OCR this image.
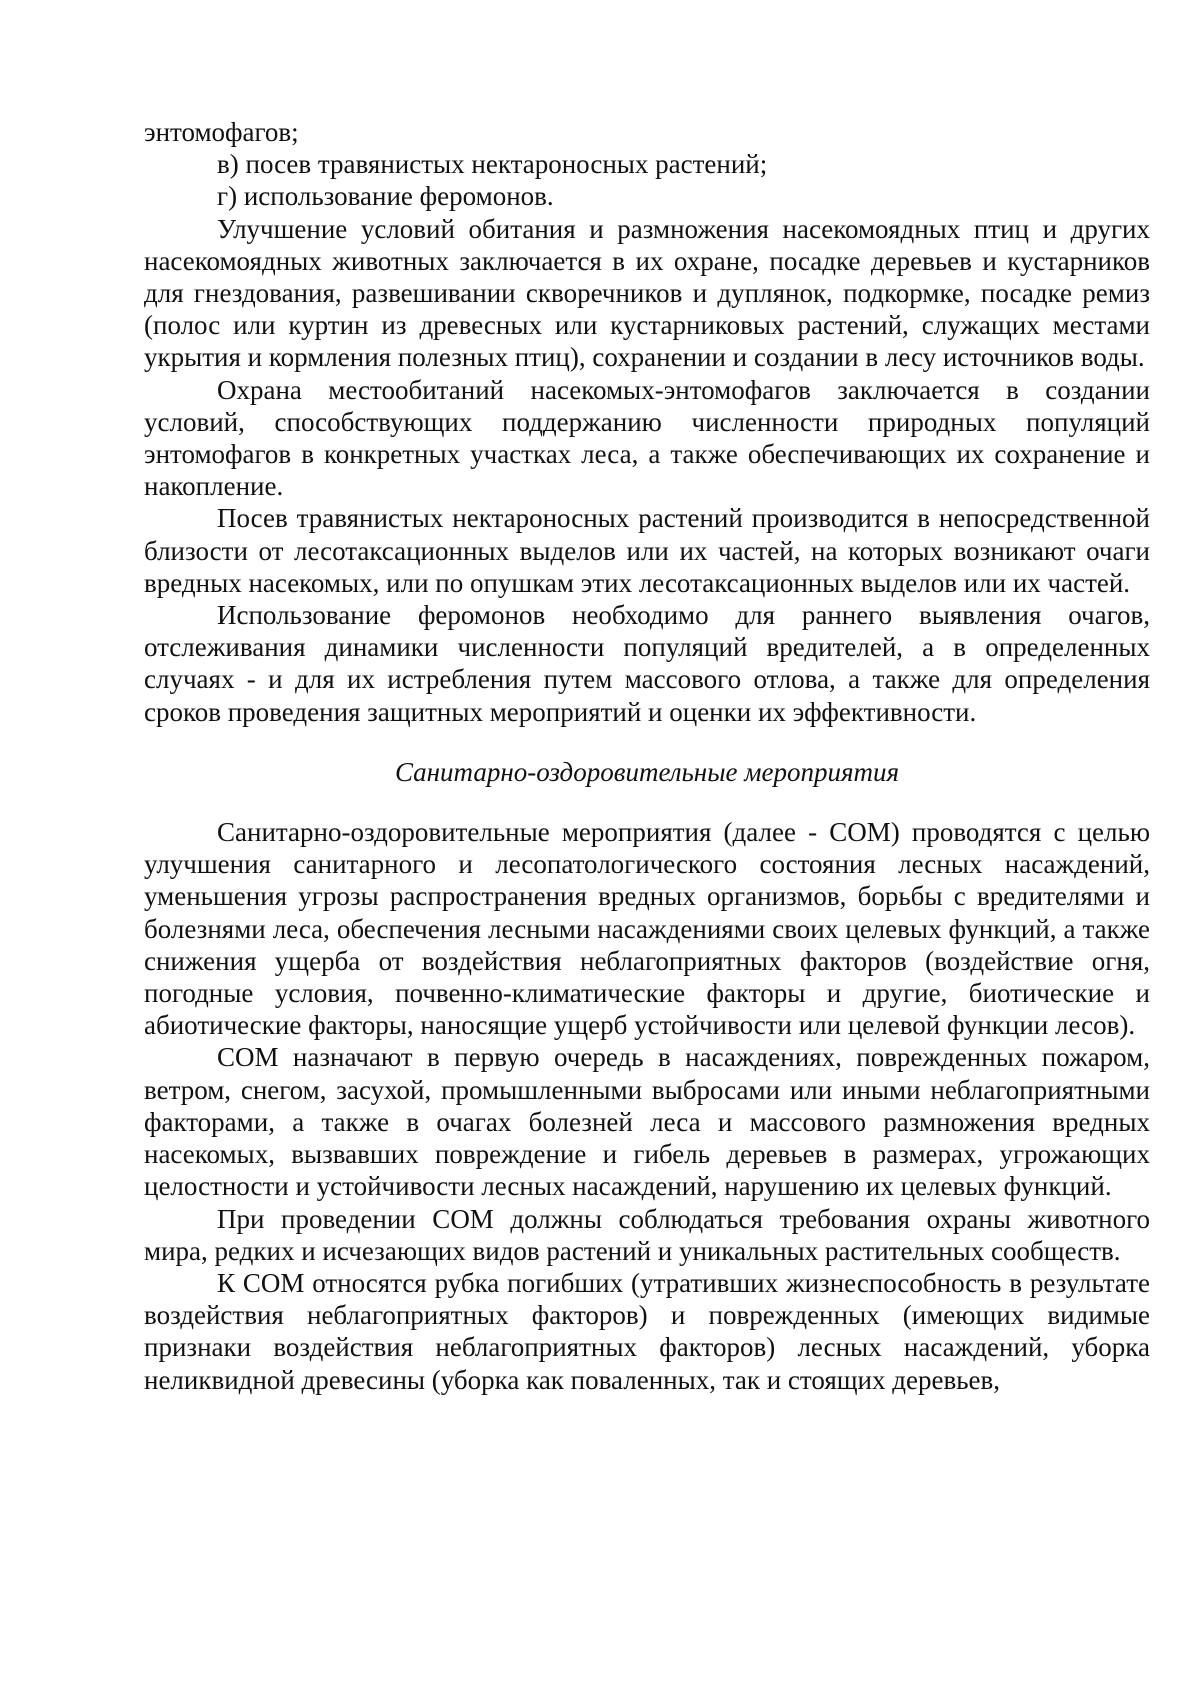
энтомофагов;

в) посев травянистых нектароносных растений;

г) использование феромонов.

Улучшение условий обитания и размножения насекомоядных птиц и других насекомоядных животных заключается в их охране, посадке деревьев и кустарников для гнездования, развешивании скворечников и дуплянок, подкормке, посадке ремиз (полос или куртин из древесных или кустарниковых растений, служащих местами укрытия и кормления полезных птиц), сохранении и создании в лесу источников воды.

Охрана местообитаний насекомых-энтомофагов заключается в создании условий, способствующих поддержанию численности природных популяций энтомофагов в конкретных участках леса, а также обеспечивающих их сохранение и накопление.

Посев травянистых нектароносных растений производится в непосредственной близости от лесотаксационных выделов или их частей, на которых возникают очаги вредных насекомых, или по опушкам этих лесотаксационных выделов или их частей.

Использование феромонов необходимо для раннего выявления очагов, отслеживания динамики численности популяций вредителей, а в определенных случаях - и для их истребления путем массового отлова, а также для определения сроков проведения защитных мероприятий и оценки их эффективности.

Санитарно-оздоровительные мероприятия

Санитарно-оздоровительные мероприятия (далее - СОМ) проводятся с целью улучшения санитарного и лесопатологического состояния лесных насаждений, уменьшения угрозы распространения вредных организмов, борьбы с вредителями и болезнями леса, обеспечения лесными насаждениями своих целевых функций, а также снижения ущерба от воздействия неблагоприятных факторов (воздействие огня, погодные условия, почвенно-климатические факторы и другие, биотические и абиотические факторы, наносящие ущерб устойчивости или целевой функции лесов).

СОМ назначают в первую очередь в насаждениях, поврежденных пожаром, ветром, снегом, засухой, промышленными выбросами или иными неблагоприятными факторами, а также в очагах болезней леса и массового размножения вредных насекомых, вызвавших повреждение и гибель деревьев в размерах, угрожающих целостности и устойчивости лесных насаждений, нарушению их целевых функций.

При проведении СОМ должны соблюдаться требования охраны животного мира, редких и исчезающих видов растений и уникальных растительных сообществ.

К СОМ относятся рубка погибших (утративших жизнеспособность в результате воздействия неблагоприятных факторов) и поврежденных (имеющих видимые признаки воздействия неблагоприятных факторов) лесных насаждений, уборка неликвидной древесины (уборка как поваленных, так и стоящих деревьев,
